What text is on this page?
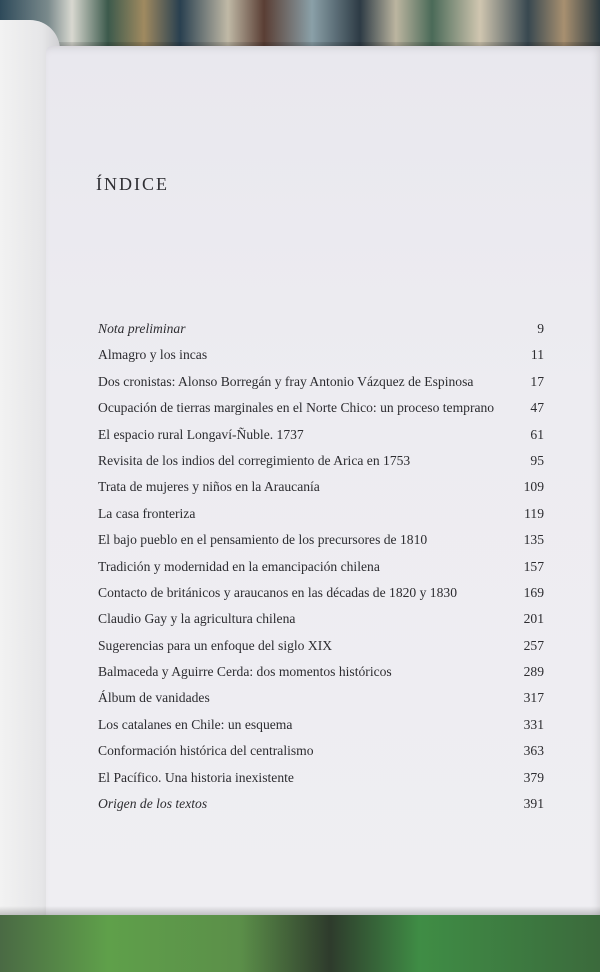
ÍNDICE
Nota preliminar	9
Almagro y los incas	11
Dos cronistas: Alonso Borregán y fray Antonio Vázquez de Espinosa	17
Ocupación de tierras marginales en el Norte Chico: un proceso temprano	47
El espacio rural Longaví-Ñuble. 1737	61
Revisita de los indios del corregimiento de Arica en 1753	95
Trata de mujeres y niños en la Araucanía	109
La casa fronteriza	119
El bajo pueblo en el pensamiento de los precursores de 1810	135
Tradición y modernidad en la emancipación chilena	157
Contacto de británicos y araucanos en las décadas de 1820 y 1830	169
Claudio Gay y la agricultura chilena	201
Sugerencias para un enfoque del siglo XIX	257
Balmaceda y Aguirre Cerda: dos momentos históricos	289
Álbum de vanidades	317
Los catalanes en Chile: un esquema	331
Conformación histórica del centralismo	363
El Pacífico. Una historia inexistente	379
Origen de los textos	391
